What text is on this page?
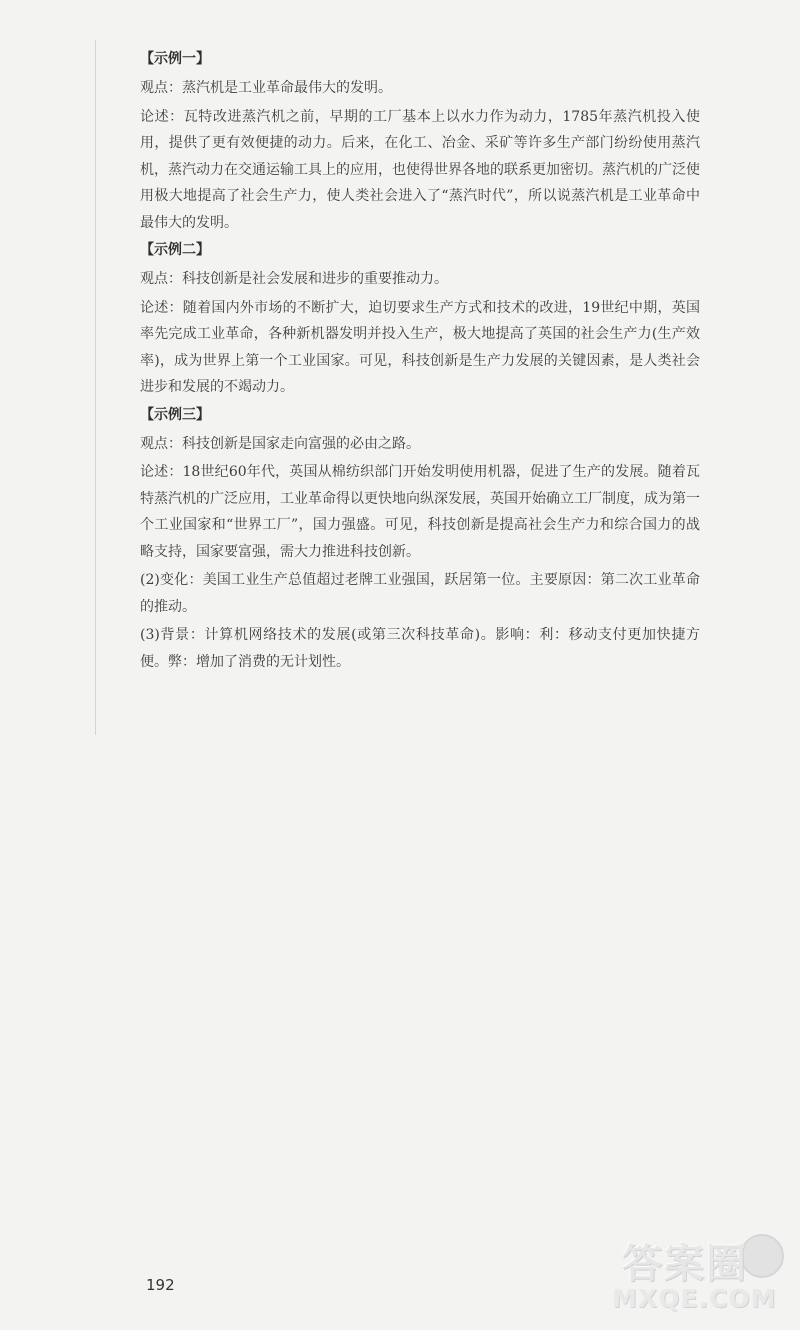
【示例一】

观点：蒸汽机是工业革命最伟大的发明。

论述：瓦特改进蒸汽机之前，早期的工厂基本上以水力作为动力，1785年蒸汽机投入使用，提供了更有效便捷的动力。后来，在化工、冶金、采矿等许多生产部门纷纷使用蒸汽机，蒸汽动力在交通运输工具上的应用，也使得世界各地的联系更加密切。蒸汽机的广泛使用极大地提高了社会生产力，使人类社会进入了“蒸汽时代”，所以说蒸汽机是工业革命中最伟大的发明。

【示例二】

观点：科技创新是社会发展和进步的重要推动力。

论述：随着国内外市场的不断扩大，迫切要求生产方式和技术的改进，19世纪中期，英国率先完成工业革命，各种新机器发明并投入生产，极大地提高了英国的社会生产力(生产效率)，成为世界上第一个工业国家。可见，科技创新是生产力发展的关键因素，是人类社会进步和发展的不竭动力。

【示例三】

观点：科技创新是国家走向富强的必由之路。

论述：18世纪60年代，英国从棉纺织部门开始发明使用机器，促进了生产的发展。随着瓦特蒸汽机的广泛应用，工业革命得以更快地向纵深发展，英国开始确立工厂制度，成为第一个工业国家和“世界工厂”，国力强盛。可见，科技创新是提高社会生产力和综合国力的战略支持，国家要富强，需大力推进科技创新。

(2)变化：美国工业生产总值超过老牌工业强国，跃居第一位。主要原因：第二次工业革命的推动。

(3)背景：计算机网络技术的发展(或第三次科技革命)。影响：利：移动支付更加快捷方便。弊：增加了消费的无计划性。

192	答案圈
MXQE.COM
